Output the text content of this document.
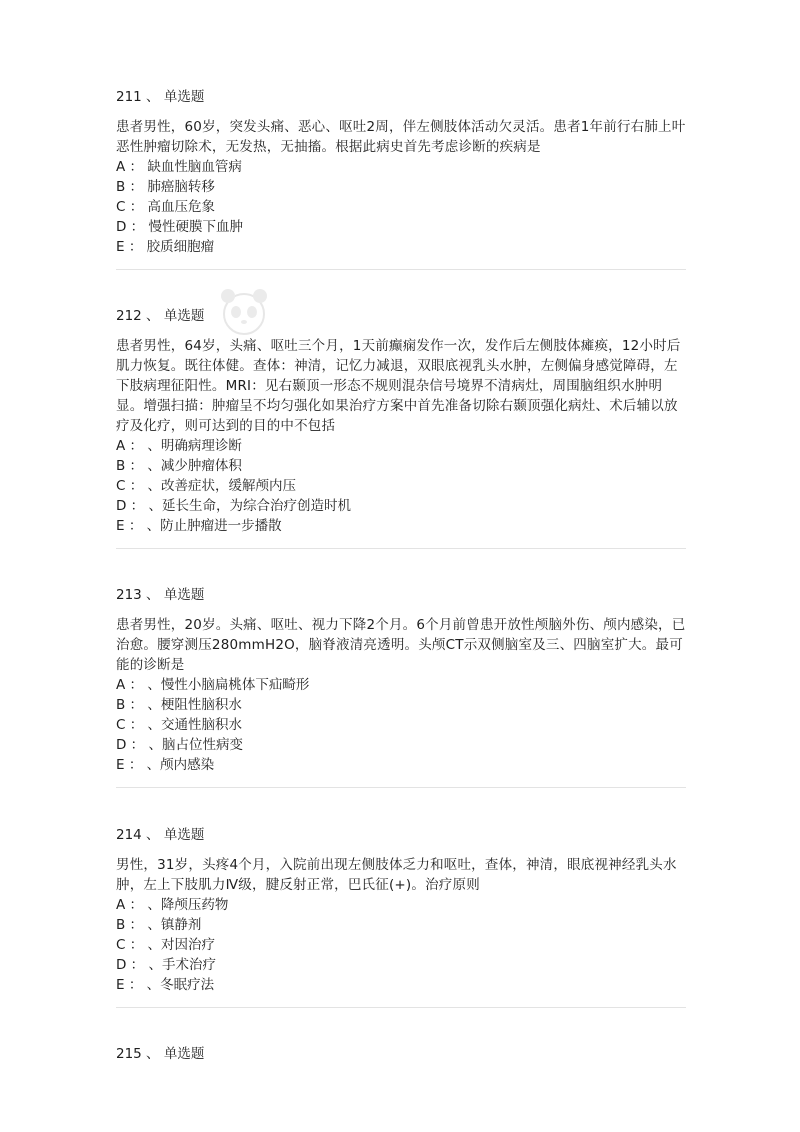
211 、 单选题
患者男性，60岁，突发头痛、恶心、呕吐2周，伴左侧肢体活动欠灵活。患者1年前行右肺上叶恶性肿瘤切除术，无发热，无抽搐。根据此病史首先考虑诊断的疾病是
A ： 缺血性脑血管病
B ： 肺癌脑转移
C ： 高血压危象
D ： 慢性硬膜下血肿
E ： 胶质细胞瘤
212 、 单选题
患者男性，64岁，头痛、呕吐三个月，1天前癫痫发作一次，发作后左侧肢体瘫痪，12小时后肌力恢复。既往体健。查体：神清，记忆力减退，双眼底视乳头水肿，左侧偏身感觉障碍，左下肢病理征阳性。MRI：见右颞顶一形态不规则混杂信号境界不清病灶，周围脑组织水肿明显。增强扫描：肿瘤呈不均匀强化如果治疗方案中首先准备切除右颞顶强化病灶、术后辅以放疗及化疗，则可达到的目的中不包括
A ： 、明确病理诊断
B ： 、减少肿瘤体积
C ： 、改善症状，缓解颅内压
D ： 、延长生命，为综合治疗创造时机
E ： 、防止肿瘤进一步播散
213 、 单选题
患者男性，20岁。头痛、呕吐、视力下降2个月。6个月前曾患开放性颅脑外伤、颅内感染，已治愈。腰穿测压280mmH2O，脑脊液清亮透明。头颅CT示双侧脑室及三、四脑室扩大。最可能的诊断是
A ： 、慢性小脑扁桃体下疝畸形
B ： 、梗阻性脑积水
C ： 、交通性脑积水
D ： 、脑占位性病变
E ： 、颅内感染
214 、 单选题
男性，31岁，头疼4个月，入院前出现左侧肢体乏力和呕吐，查体，神清，眼底视神经乳头水肿，左上下肢肌力Ⅳ级，腱反射正常，巴氏征(+)。治疗原则
A ： 、降颅压药物
B ： 、镇静剂
C ： 、对因治疗
D ： 、手术治疗
E ： 、冬眠疗法
215 、 单选题
